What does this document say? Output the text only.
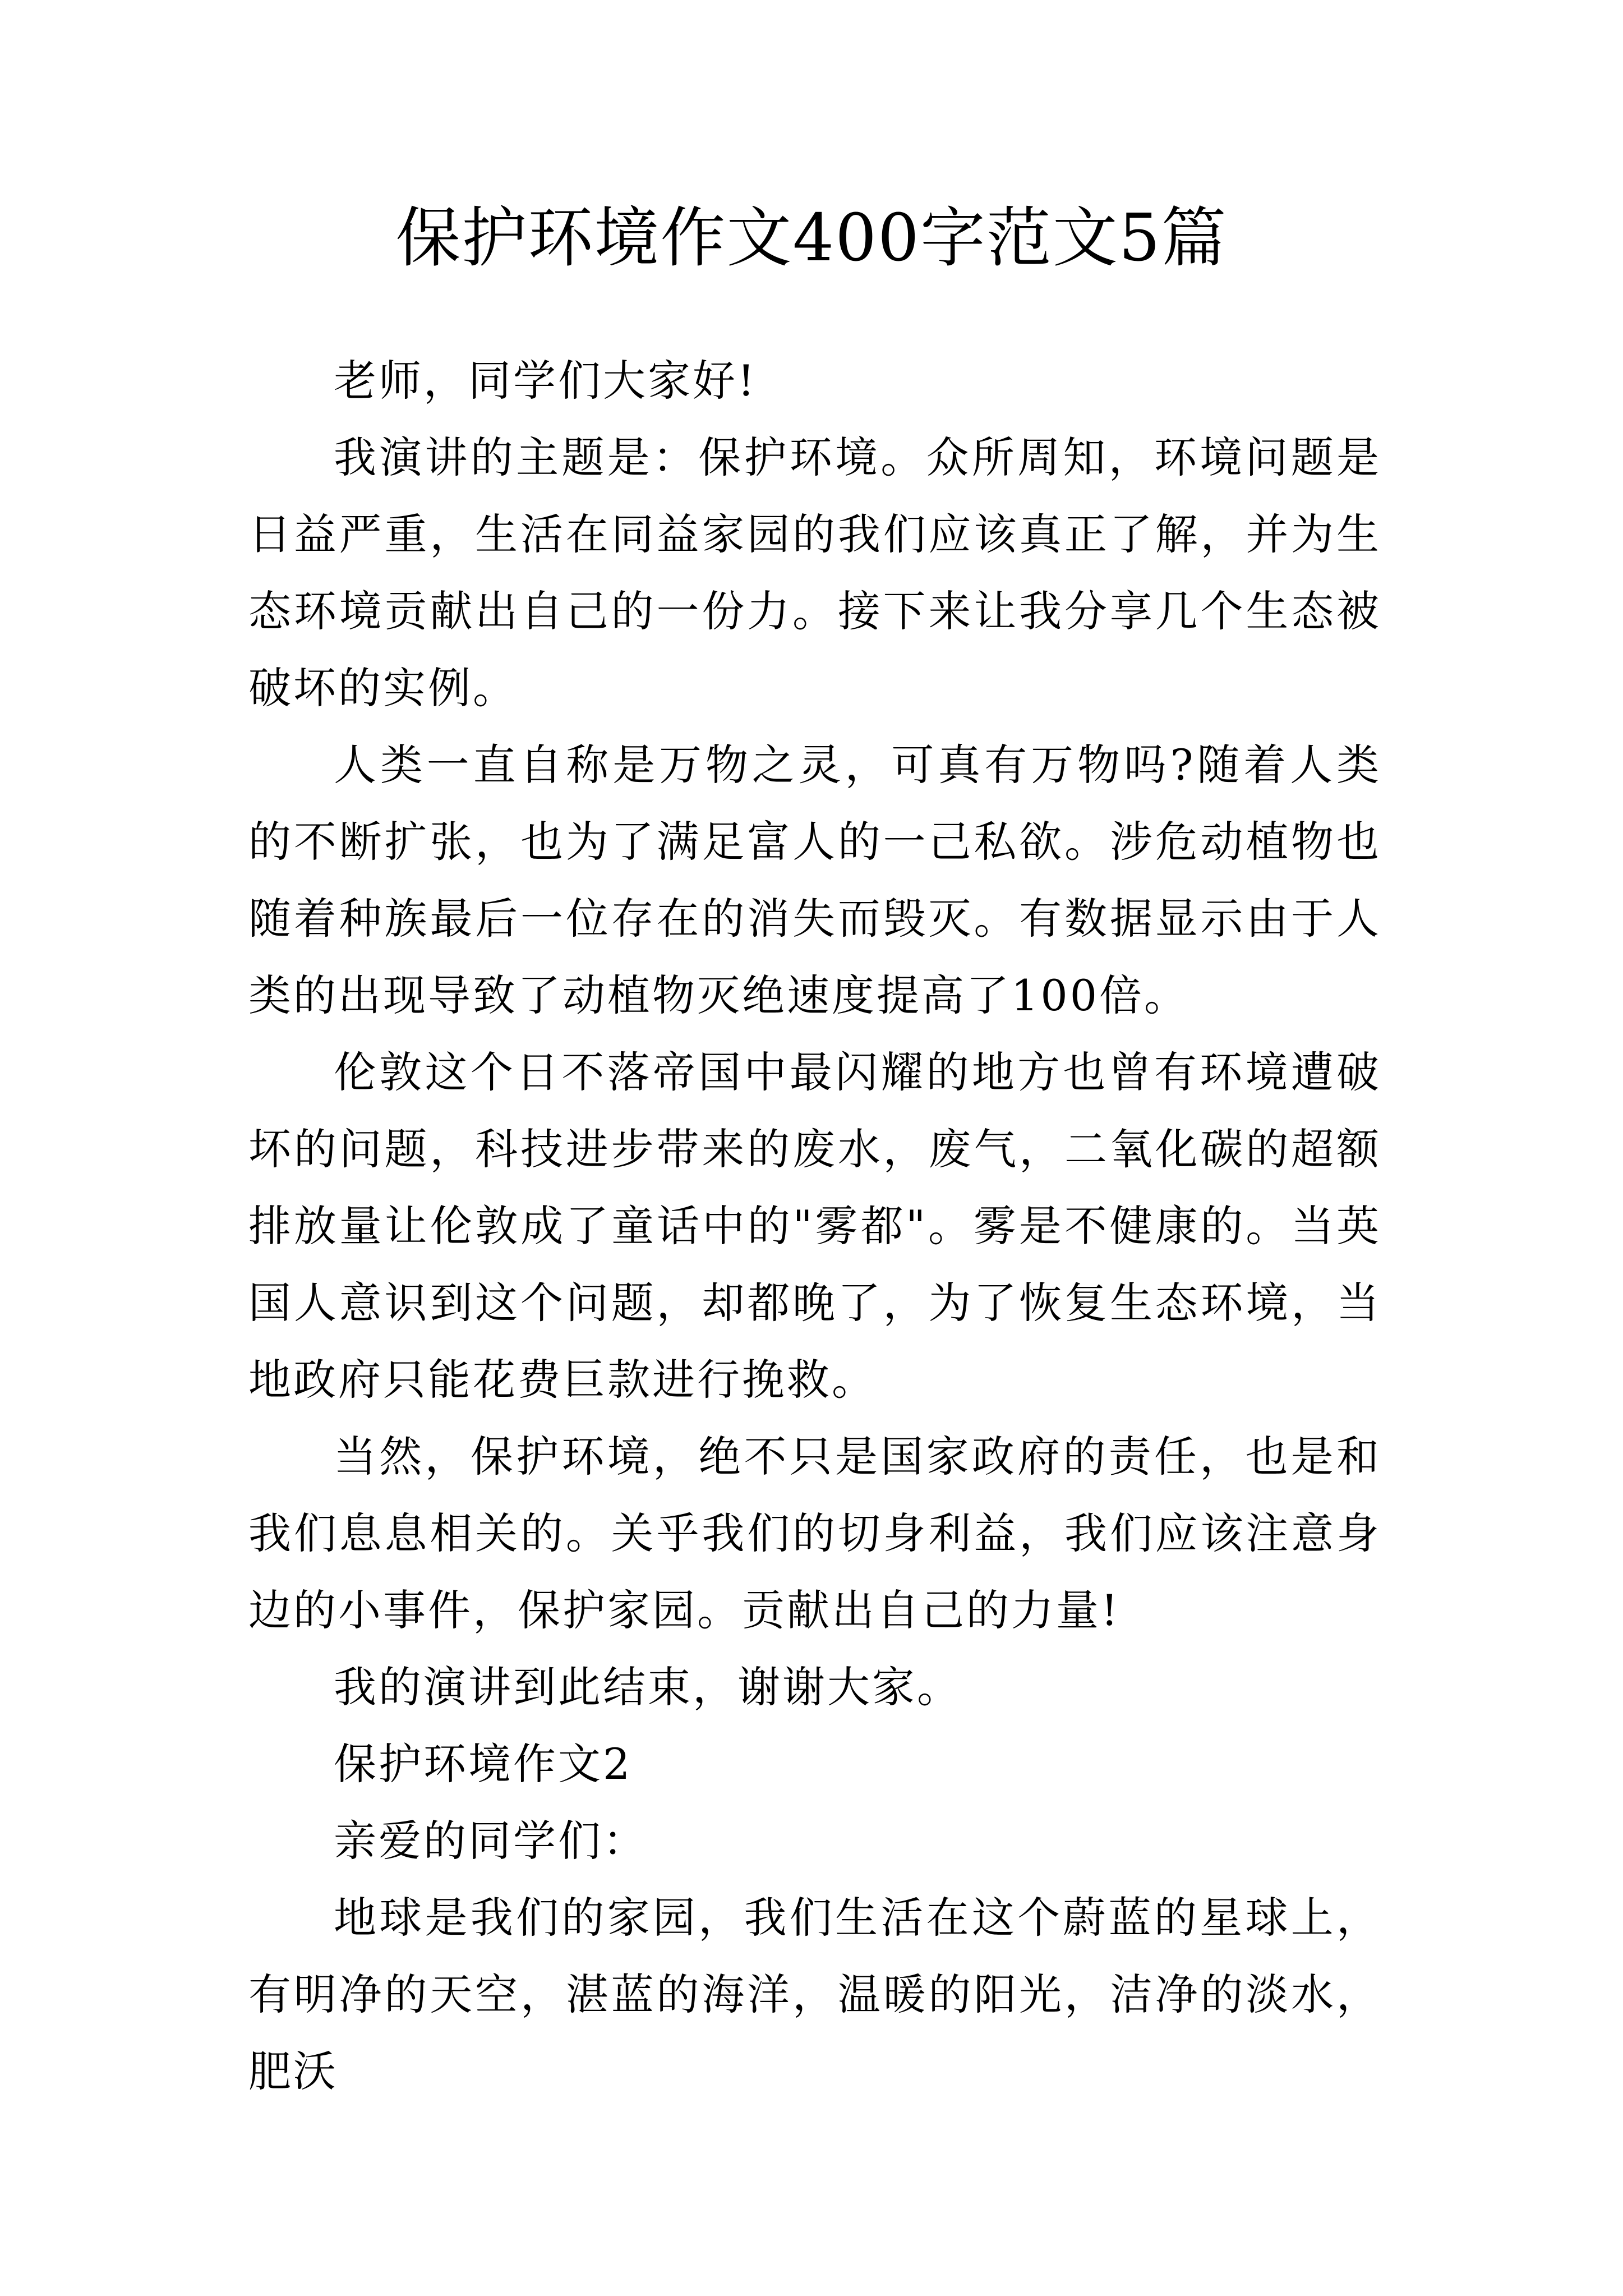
保护环境作文400字范文5篇

老师，同学们大家好!

我演讲的主题是：保护环境。众所周知，环境问题是日益严重，生活在同益家园的我们应该真正了解，并为生态环境贡献出自己的一份力。接下来让我分享几个生态被破坏的实例。

人类一直自称是万物之灵，可真有万物吗?随着人类的不断扩张，也为了满足富人的一己私欲。涉危动植物也随着种族最后一位存在的消失而毁灭。有数据显示由于人类的出现导致了动植物灭绝速度提高了100倍。

伦敦这个日不落帝国中最闪耀的地方也曾有环境遭破坏的问题，科技进步带来的废水，废气，二氧化碳的超额排放量让伦敦成了童话中的"雾都"。雾是不健康的。当英国人意识到这个问题，却都晚了，为了恢复生态环境，当地政府只能花费巨款进行挽救。

当然，保护环境，绝不只是国家政府的责任，也是和我们息息相关的。关乎我们的切身利益，我们应该注意身边的小事件，保护家园。贡献出自己的力量!

我的演讲到此结束，谢谢大家。

保护环境作文2

亲爱的同学们：

地球是我们的家园，我们生活在这个蔚蓝的星球上，有明净的天空，湛蓝的海洋，温暖的阳光，洁净的淡水，肥沃
